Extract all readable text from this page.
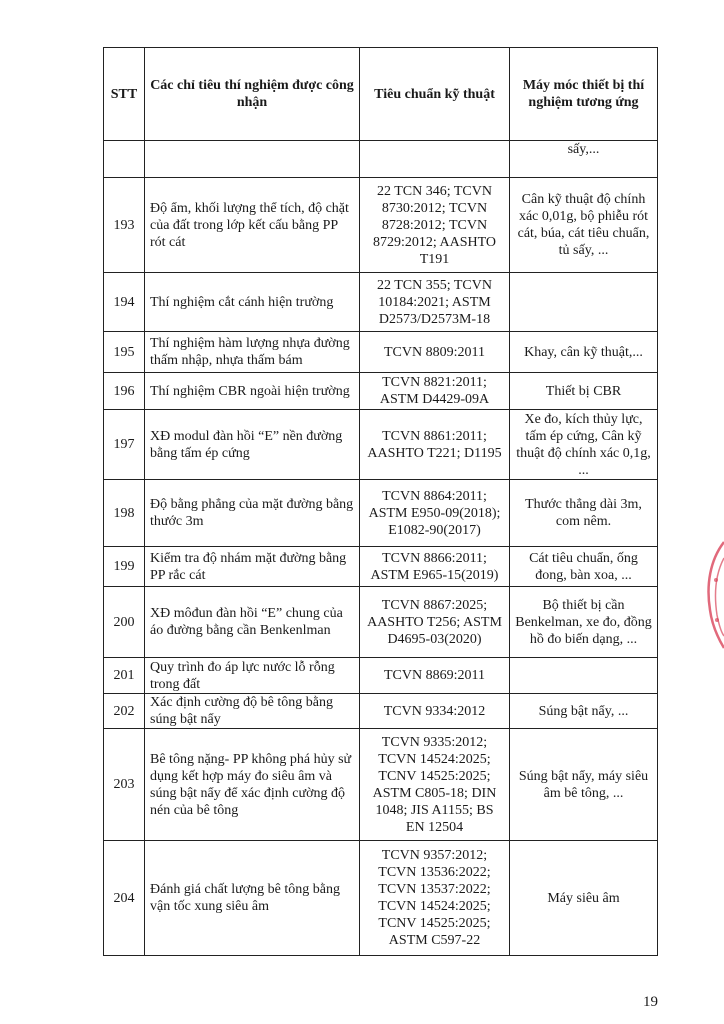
STT	Các chỉ tiêu thí nghiệm được công nhận	Tiêu chuẩn kỹ thuật	Máy móc thiết bị thí nghiệm tương ứng
			sấy,...
193	Độ ẩm, khối lượng thể tích, độ chặt của đất trong lớp kết cấu bằng PP rót cát	22 TCN 346; TCVN 8730:2012; TCVN 8728:2012; TCVN 8729:2012; AASHTO T191	Cân kỹ thuật độ chính xác 0,01g, bộ phiễu rót cát, búa, cát tiêu chuẩn, tủ sấy, ...
194	Thí nghiệm cắt cánh hiện trường	22 TCN 355; TCVN 10184:2021; ASTM D2573/D2573M-18	
195	Thí nghiệm hàm lượng nhựa đường thấm nhập, nhựa thấm bám	TCVN 8809:2011	Khay, cân kỹ thuật,...
196	Thí nghiệm CBR ngoài hiện trường	TCVN 8821:2011; ASTM D4429-09A	Thiết bị CBR
197	XĐ modul đàn hồi “E” nền đường bằng tấm ép cứng	TCVN 8861:2011; AASHTO T221; D1195	Xe đo, kích thủy lực, tấm ép cứng, Cân kỹ thuật độ chính xác 0,1g, ...
198	Độ bằng phẳng của mặt đường bằng thước 3m	TCVN 8864:2011; ASTM E950-09(2018); E1082-90(2017)	Thước thẳng dài 3m, com nêm.
199	Kiểm tra độ nhám mặt đường bằng PP rắc cát	TCVN 8866:2011; ASTM E965-15(2019)	Cát tiêu chuẩn, ống đong, bàn xoa, ...
200	XĐ môđun đàn hồi “E” chung của áo đường bằng cần Benkenlman	TCVN 8867:2025; AASHTO T256; ASTM D4695-03(2020)	Bộ thiết bị cần Benkelman, xe đo, đồng hồ đo biến dạng, ...
201	Quy trình đo áp lực nước lỗ rỗng trong đất	TCVN 8869:2011	
202	Xác định cường độ bê tông bằng súng bật nẩy	TCVN 9334:2012	Súng bật nẩy, ...
203	Bê tông nặng- PP không phá hủy sử dụng kết hợp máy đo siêu âm và súng bật nẩy để xác định cường độ nén của bê tông	TCVN 9335:2012; TCVN 14524:2025; TCNV 14525:2025; ASTM C805-18; DIN 1048; JIS A1155; BS EN 12504	Súng bật nẩy, máy siêu âm bê tông, ...
204	Đánh giá chất lượng bê tông bằng vận tốc xung siêu âm	TCVN 9357:2012; TCVN 13536:2022; TCVN 13537:2022; TCVN 14524:2025; TCNV 14525:2025; ASTM C597-22	Máy siêu âm
19
